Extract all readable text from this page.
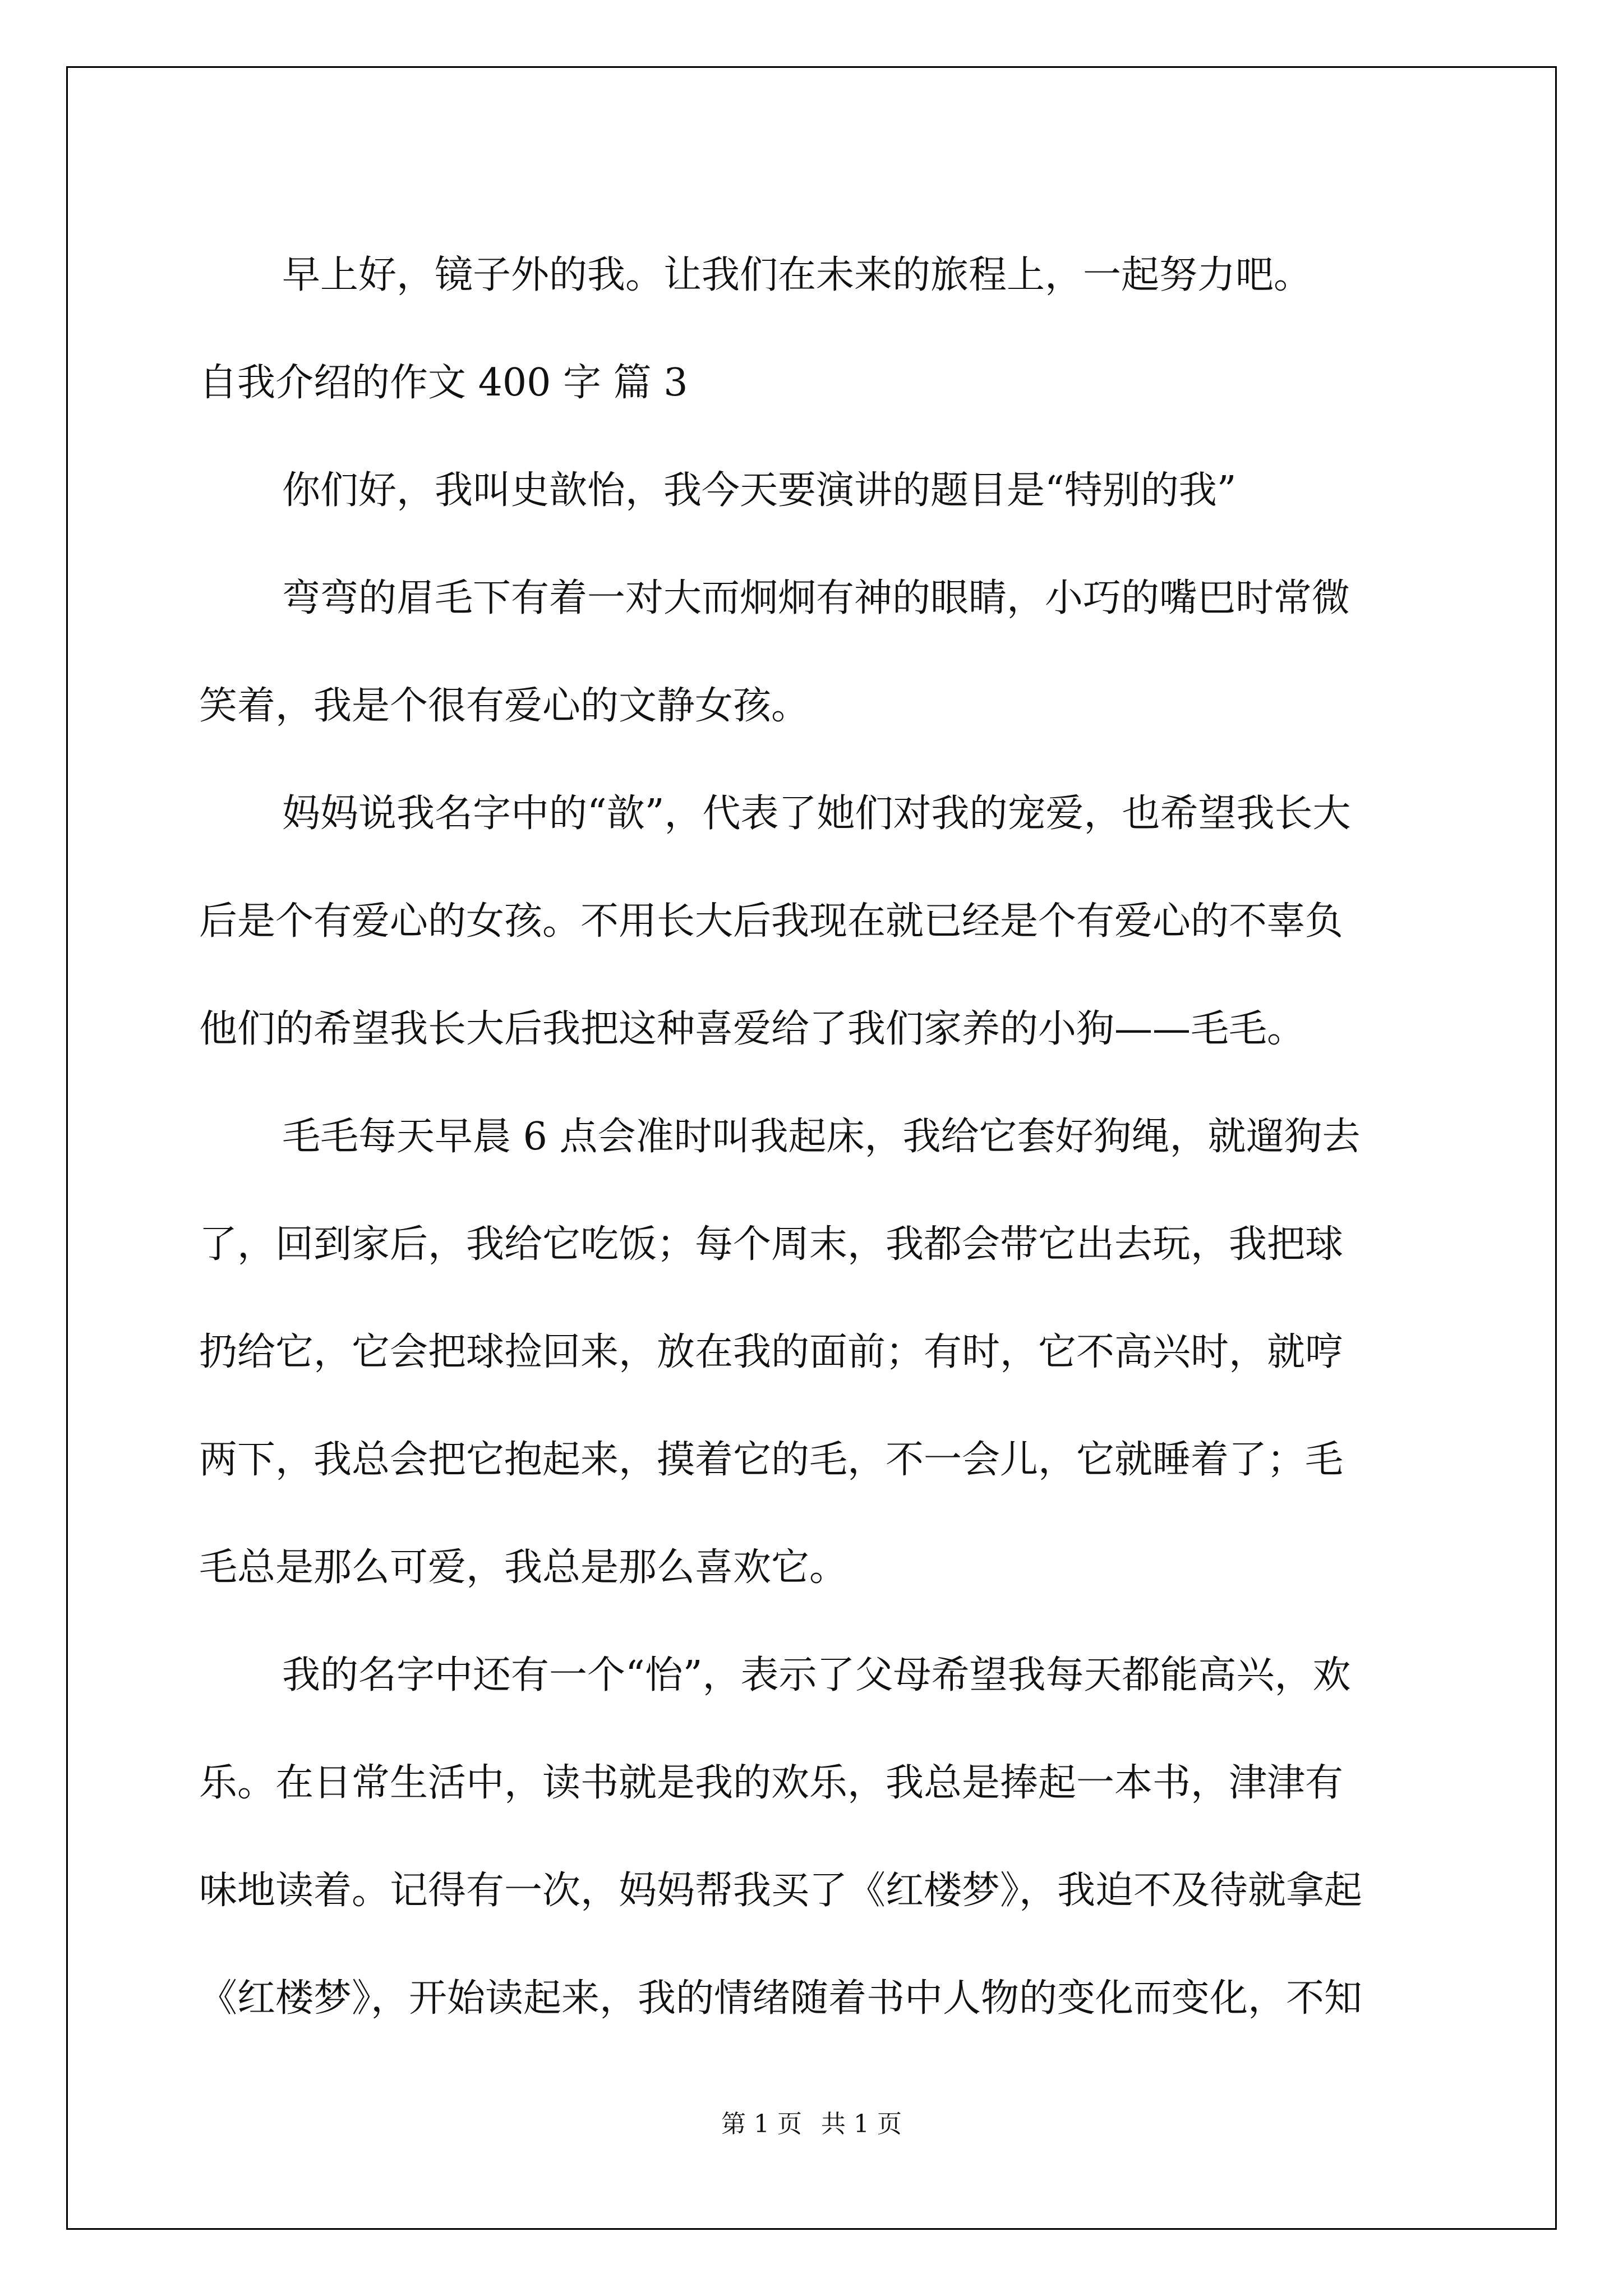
早上好，镜子外的我。让我们在未来的旅程上，一起努力吧。
自我介绍的作文 400 字 篇 3
你们好，我叫史歆怡，我今天要演讲的题目是“特别的我”
弯弯的眉毛下有着一对大而炯炯有神的眼睛，小巧的嘴巴时常微
笑着，我是个很有爱心的文静女孩。
妈妈说我名字中的“歆”，代表了她们对我的宠爱，也希望我长大
后是个有爱心的女孩。不用长大后我现在就已经是个有爱心的不辜负
他们的希望我长大后我把这种喜爱给了我们家养的小狗——毛毛。
毛毛每天早晨 6 点会准时叫我起床，我给它套好狗绳，就遛狗去
了，回到家后，我给它吃饭；每个周末，我都会带它出去玩，我把球
扔给它，它会把球捡回来，放在我的面前；有时，它不高兴时，就哼
两下，我总会把它抱起来，摸着它的毛，不一会儿，它就睡着了；毛
毛总是那么可爱，我总是那么喜欢它。
我的名字中还有一个“怡”，表示了父母希望我每天都能高兴，欢
乐。在日常生活中，读书就是我的欢乐，我总是捧起一本书，津津有
味地读着。记得有一次，妈妈帮我买了《红楼梦》，我迫不及待就拿起
《红楼梦》，开始读起来，我的情绪随着书中人物的变化而变化，不知
第 1 页 共 1 页
